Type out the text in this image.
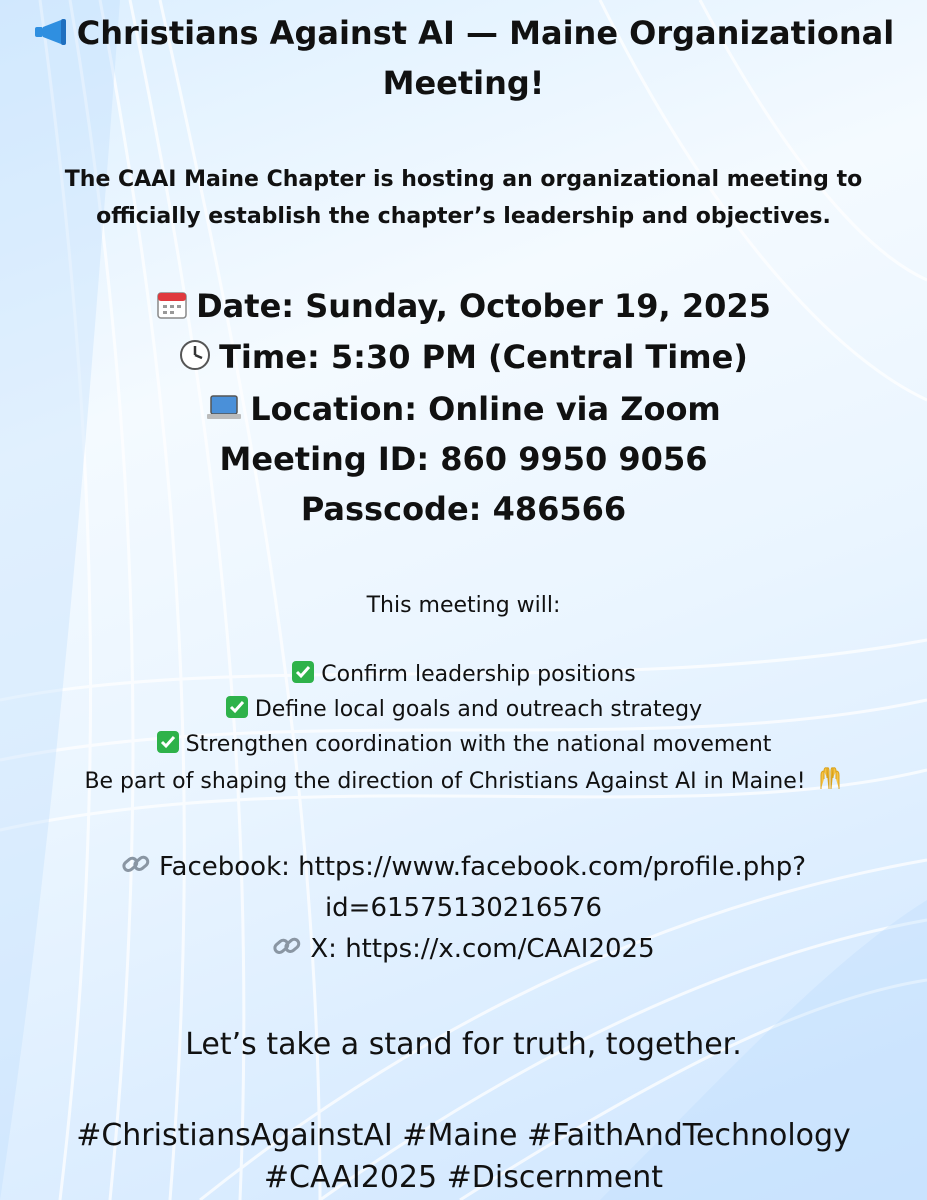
Christians Against AI — Maine Organizational
Meeting!
The CAAI Maine Chapter is hosting an organizational meeting to
officially establish the chapter’s leadership and objectives.
Date: Sunday, October 19, 2025
Time: 5:30 PM (Central Time)
Location: Online via Zoom
Meeting ID: 860 9950 9056
Passcode: 486566
This meeting will:
Confirm leadership positions
Define local goals and outreach strategy
Strengthen coordination with the national movement
Be part of shaping the direction of Christians Against AI in Maine!
Facebook: https://www.facebook.com/profile.php?
id=61575130216576
X: https://x.com/CAAI2025
Let’s take a stand for truth, together.
#ChristiansAgainstAI #Maine #FaithAndTechnology
#CAAI2025 #Discernment
